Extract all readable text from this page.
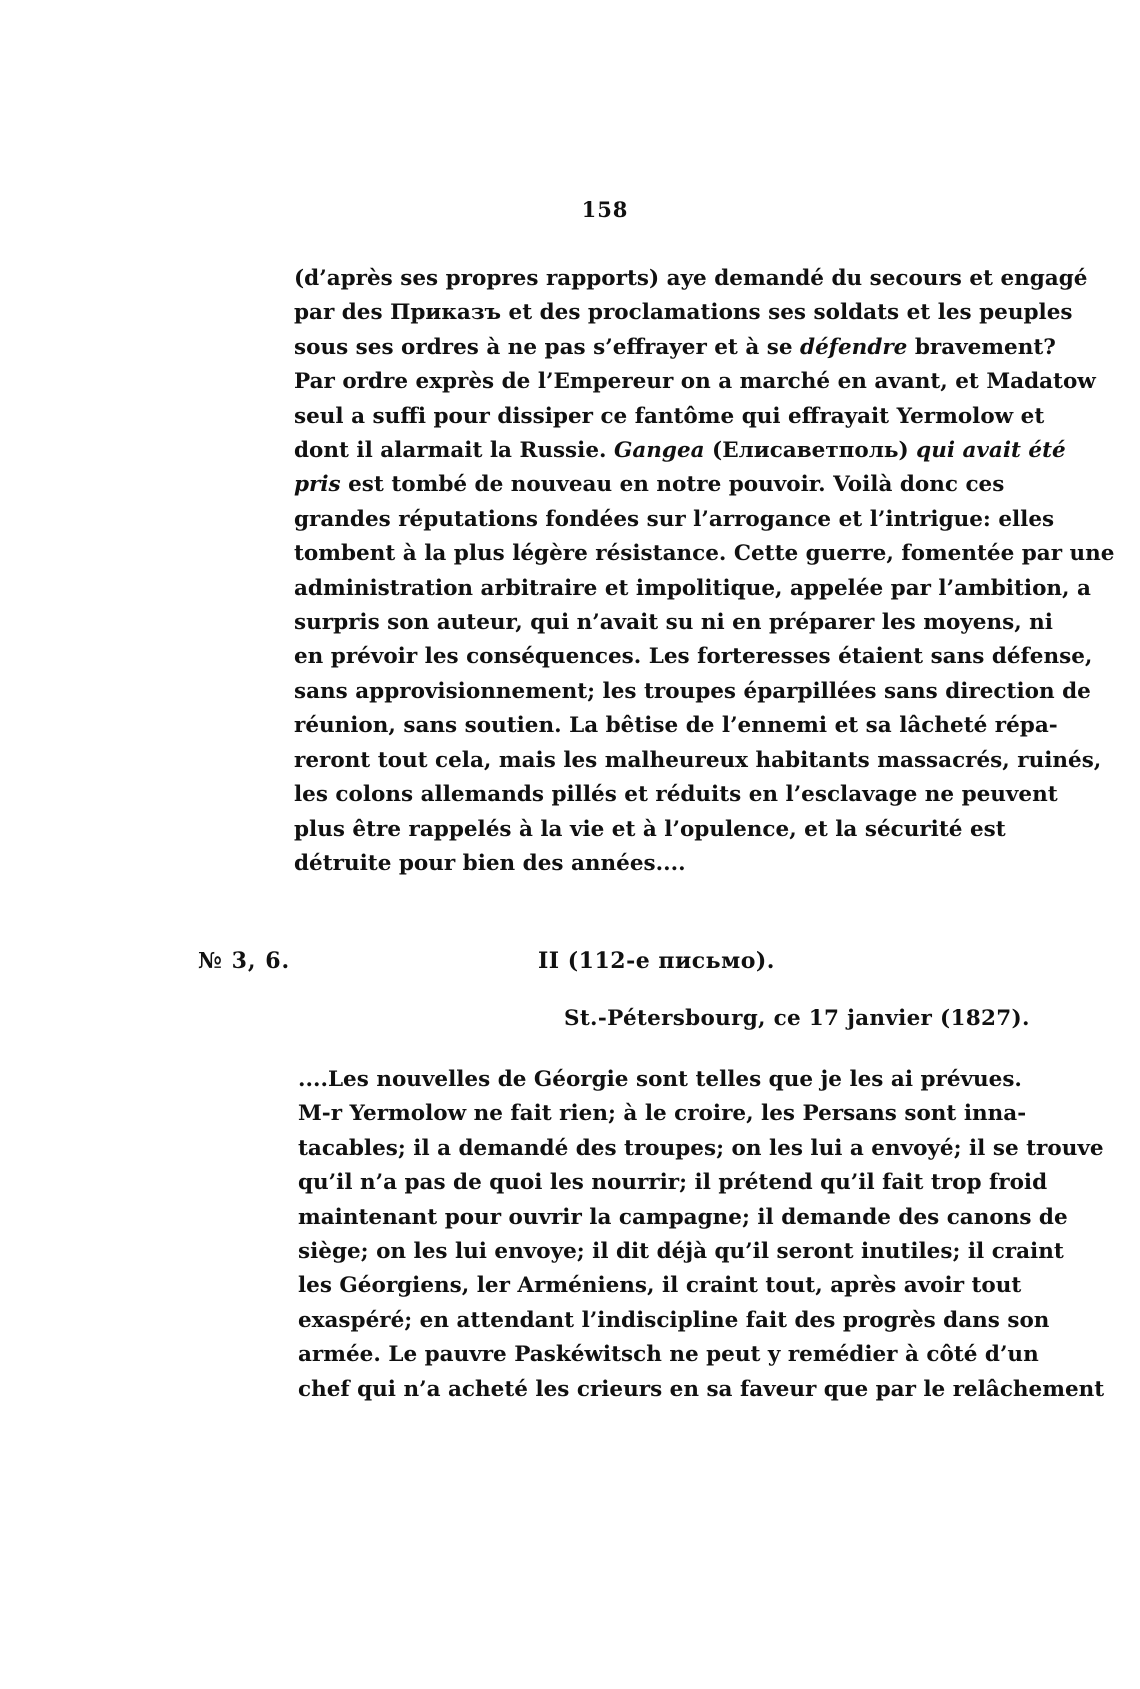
158
(d’après ses propres rapports) aye demandé du secours et engagé
par des Приказъ et des proclamations ses soldats et les peuples
sous ses ordres à ne pas s’effrayer et à se défendre bravement?
Par ordre exprès de l’Empereur on a marché en avant, et Madatow
seul a suffi pour dissiper ce fantôme qui effrayait Yermolow et
dont il alarmait la Russie. Gangea (Елисаветполь) qui avait été
pris est tombé de nouveau en notre pouvoir. Voilà donc ces
grandes réputations fondées sur l’arrogance et l’intrigue: elles
tombent à la plus légère résistance. Cette guerre, fomentée par une
administration arbitraire et impolitique, appelée par l’ambition, a
surpris son auteur, qui n’avait su ni en préparer les moyens, ni
en prévoir les conséquences. Les forteresses étaient sans défense,
sans approvisionnement; les troupes éparpillées sans direction de
réunion, sans soutien. La bêtise de l’ennemi et sa lâcheté répa-
reront tout cela, mais les malheureux habitants massacrés, ruinés,
les colons allemands pillés et réduits en l’esclavage ne peuvent
plus être rappelés à la vie et à l’opulence, et la sécurité est
détruite pour bien des années....
№ 3, 6.	II (112-е письмо).
St.-Pétersbourg, ce 17 janvier (1827).
....Les nouvelles de Géorgie sont telles que je les ai prévues.
M-r Yermolow ne fait rien; à le croire, les Persans sont inna-
tacables; il a demandé des troupes; on les lui a envoyé; il se trouve
qu’il n’a pas de quoi les nourrir; il prétend qu’il fait trop froid
maintenant pour ouvrir la campagne; il demande des canons de
siège; on les lui envoye; il dit déjà qu’il seront inutiles; il craint
les Géorgiens, ler Arméniens, il craint tout, après avoir tout
exaspéré; en attendant l’indiscipline fait des progrès dans son
armée. Le pauvre Paskéwitsch ne peut y remédier à côté d’un
chef qui n’a acheté les crieurs en sa faveur que par le relâchement
